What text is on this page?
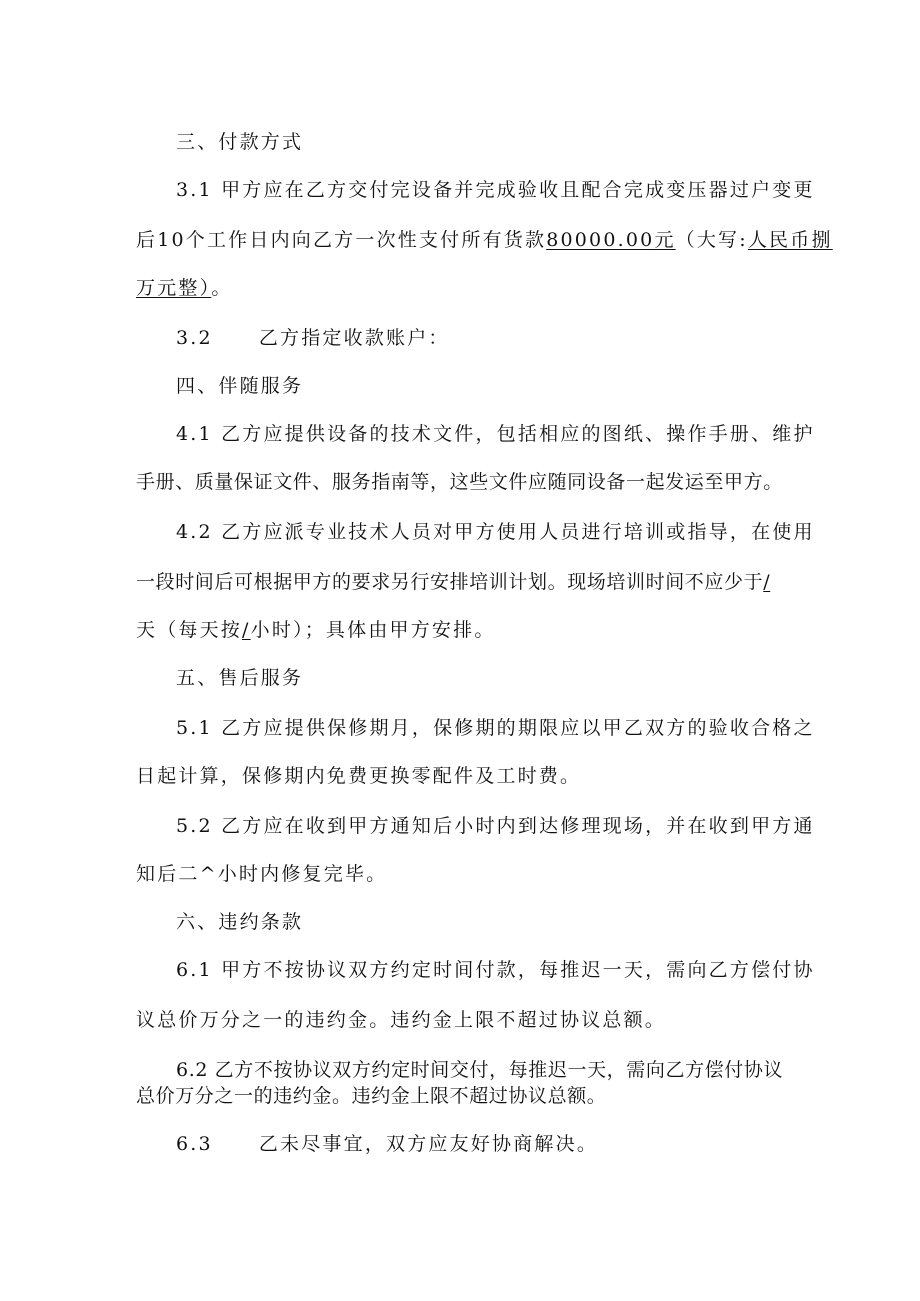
三、付款方式
3.1 甲方应在乙方交付完设备并完成验收且配合完成变压器过户变更
后10个工作日内向乙方一次性支付所有货款80000.00元（大写:人民币捌
万元整）。
3.2 乙方指定收款账户：
四、伴随服务
4.1 乙方应提供设备的技术文件，包括相应的图纸、操作手册、维护
手册、质量保证文件、服务指南等，这些文件应随同设备一起发运至甲方。
4.2 乙方应派专业技术人员对甲方使用人员进行培训或指导，在使用
一段时间后可根据甲方的要求另行安排培训计划。现场培训时间不应少于/
天（每天按/小时）；具体由甲方安排。
五、售后服务
5.1 乙方应提供保修期月，保修期的期限应以甲乙双方的验收合格之
日起计算，保修期内免费更换零配件及工时费。
5.2 乙方应在收到甲方通知后小时内到达修理现场，并在收到甲方通
知后二^小时内修复完毕。
六、违约条款
6.1 甲方不按协议双方约定时间付款，每推迟一天，需向乙方偿付协
议总价万分之一的违约金。违约金上限不超过协议总额。
6.2 乙方不按协议双方约定时间交付，每推迟一天，需向乙方偿付协议
总价万分之一的违约金。违约金上限不超过协议总额。
6.3 乙未尽事宜，双方应友好协商解决。
